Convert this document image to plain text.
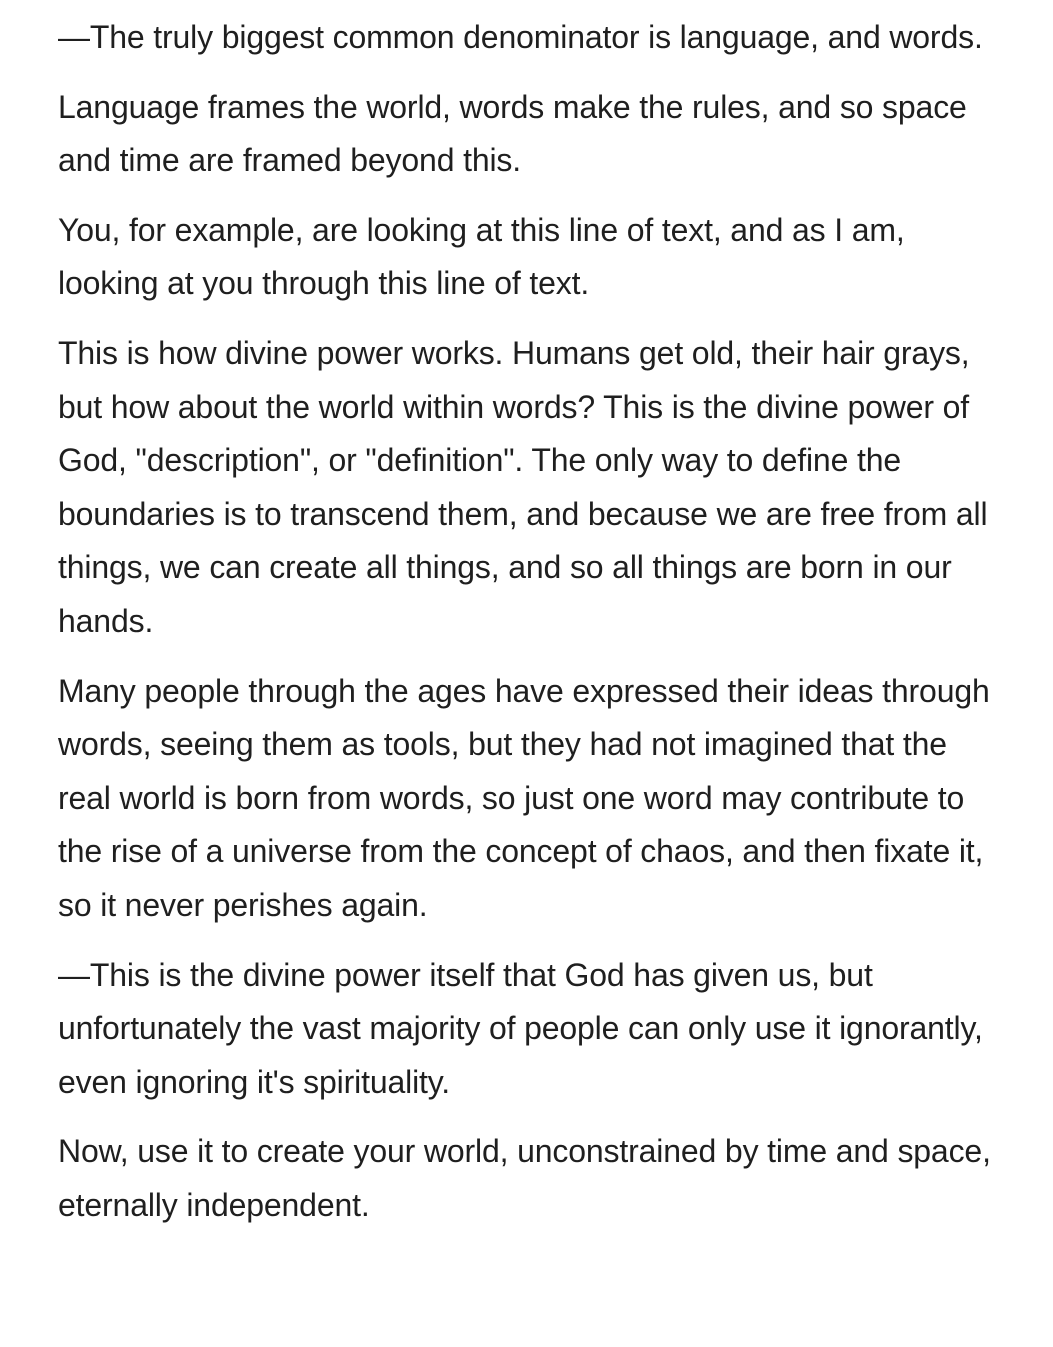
—The truly biggest common denominator is language, and words.

Language frames the world, words make the rules, and so space and time are framed beyond this.

You, for example, are looking at this line of text, and as I am, looking at you through this line of text.

This is how divine power works. Humans get old, their hair grays, but how about the world within words? This is the divine power of God, "description", or "definition". The only way to define the boundaries is to transcend them, and because we are free from all things, we can create all things, and so all things are born in our hands.

Many people through the ages have expressed their ideas through words, seeing them as tools, but they had not imagined that the real world is born from words, so just one word may contribute to the rise of a universe from the concept of chaos, and then fixate it, so it never perishes again.

—This is the divine power itself that God has given us, but unfortunately the vast majority of people can only use it ignorantly, even ignoring it's spirituality.

Now, use it to create your world, unconstrained by time and space, eternally independent.
